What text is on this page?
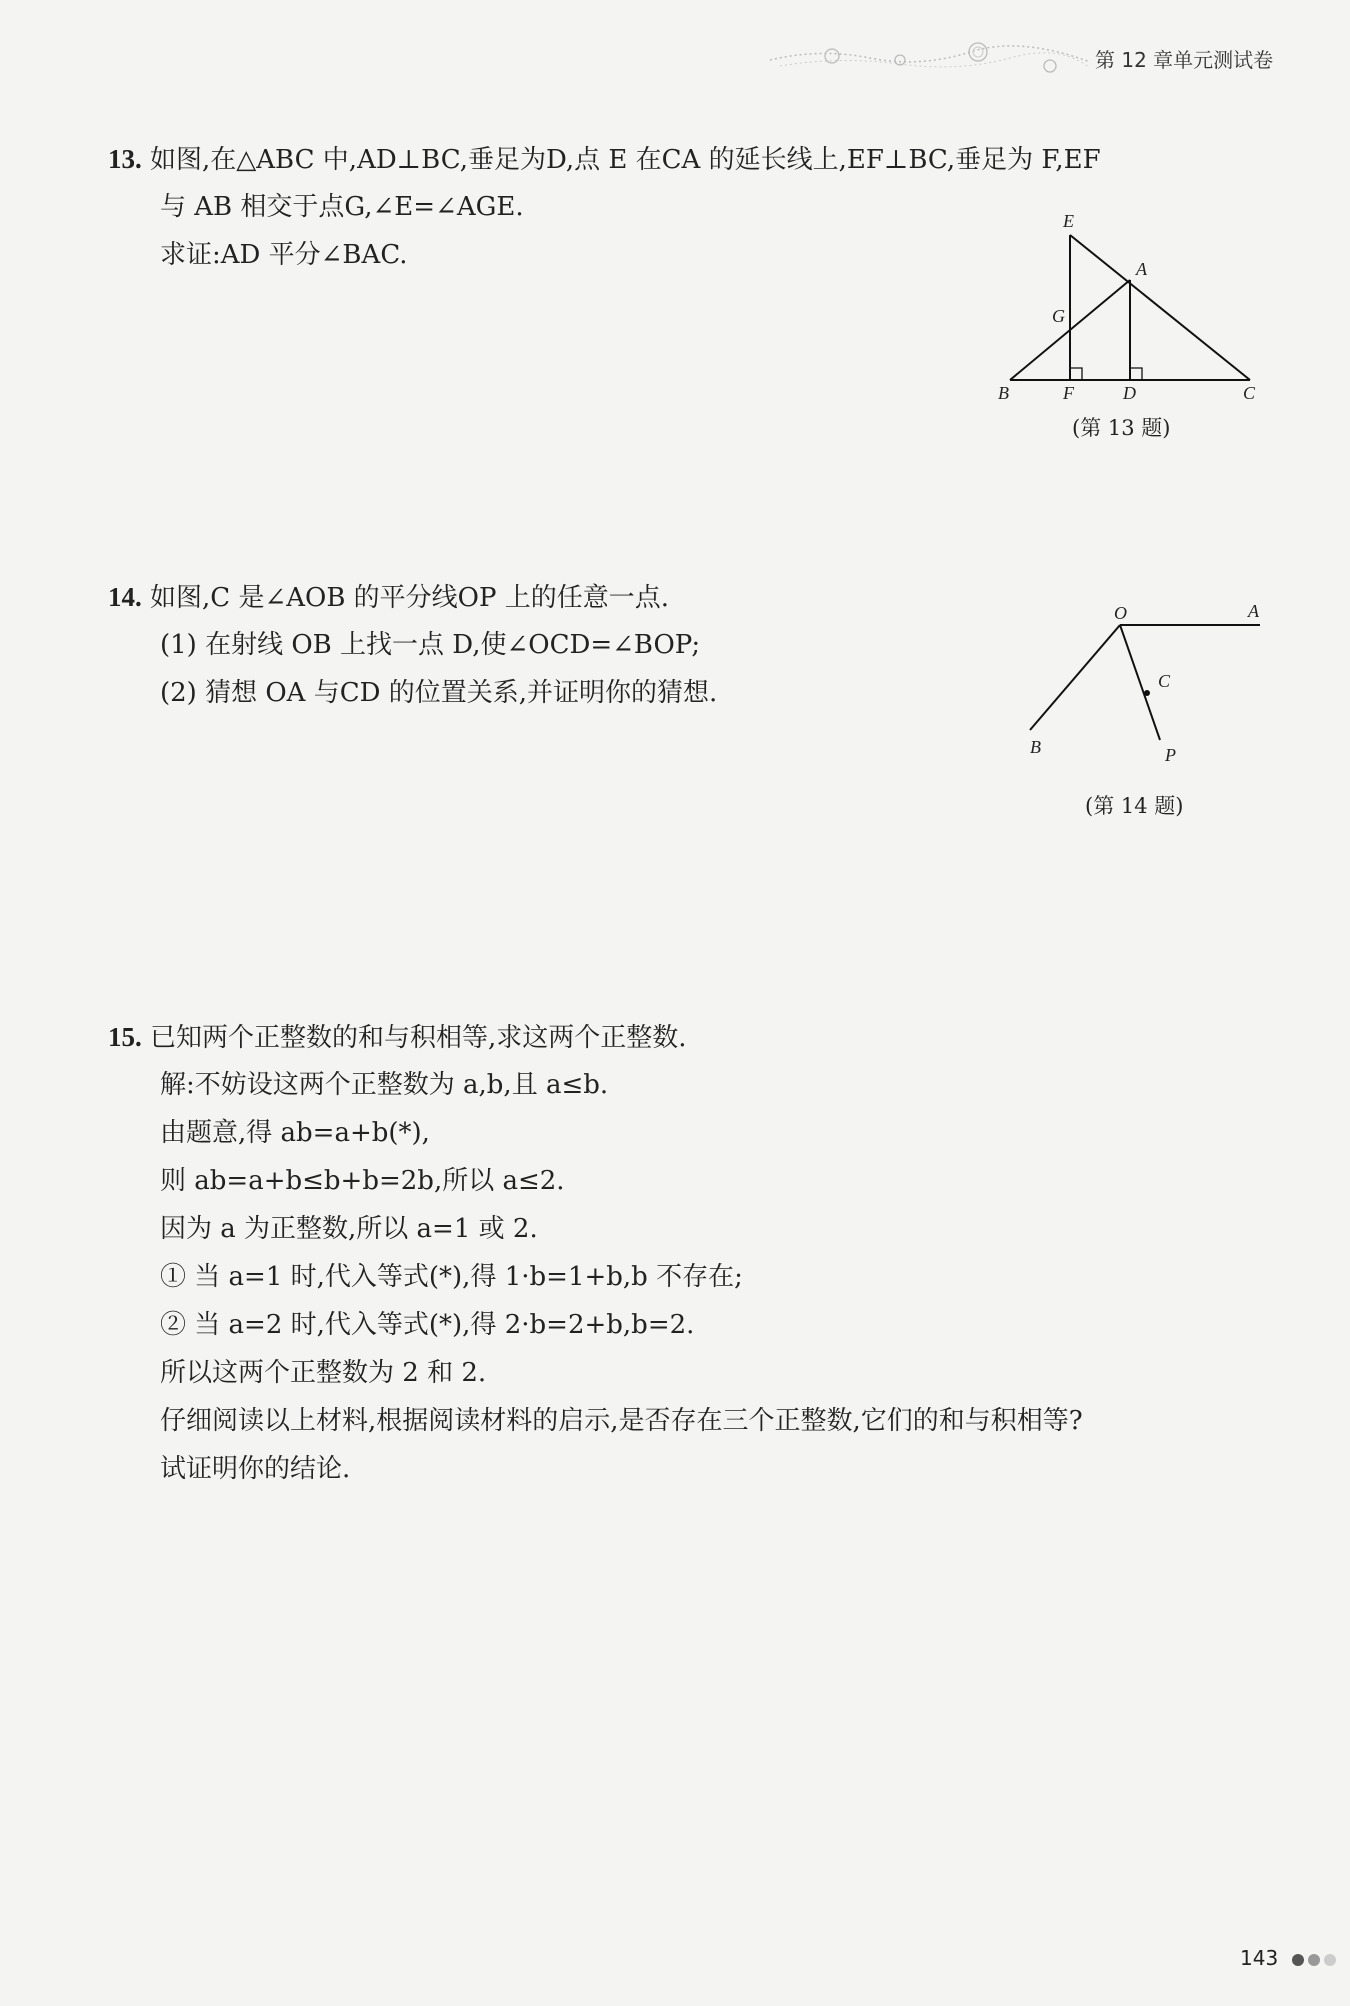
第 12 章单元测试卷
13. 如图,在△ABC 中,AD⊥BC,垂足为D,点 E 在CA 的延长线上,EF⊥BC,垂足为 F,EF
与 AB 相交于点G,∠E=∠AGE.
求证:AD 平分∠BAC.
E
A
G
B	F	D	C
(第 13 题)
14. 如图,C 是∠AOB 的平分线OP 上的任意一点.
(1) 在射线 OB 上找一点 D,使∠OCD=∠BOP;
(2) 猜想 OA 与CD 的位置关系,并证明你的猜想.
O	A
C
B	P
(第 14 题)
15. 已知两个正整数的和与积相等,求这两个正整数.
解:不妨设这两个正整数为 a,b,且 a≤b.
由题意,得 ab=a+b(*),
则 ab=a+b≤b+b=2b,所以 a≤2.
因为 a 为正整数,所以 a=1 或 2.
① 当 a=1 时,代入等式(*),得 1·b=1+b,b 不存在;
② 当 a=2 时,代入等式(*),得 2·b=2+b,b=2.
所以这两个正整数为 2 和 2.
仔细阅读以上材料,根据阅读材料的启示,是否存在三个正整数,它们的和与积相等?
试证明你的结论.
143
